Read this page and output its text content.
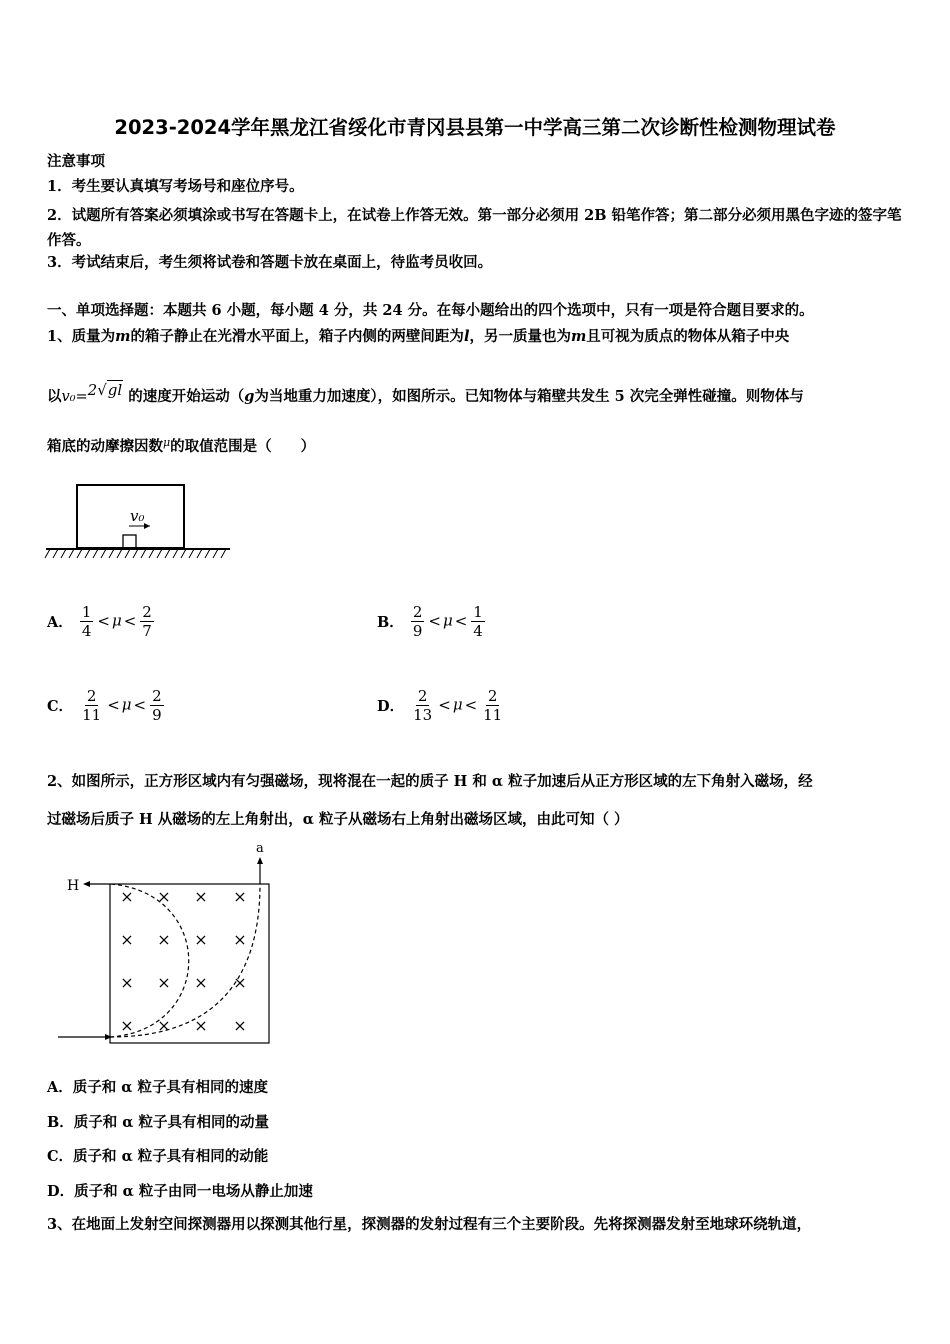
2023-2024学年黑龙江省绥化市青冈县县第一中学高三第二次诊断性检测物理试卷
注意事项
1．考生要认真填写考场号和座位序号。
2．试题所有答案必须填涂或书写在答题卡上，在试卷上作答无效。第一部分必须用 2B 铅笔作答；第二部分必须用黑色字迹的签字笔作答。
3．考试结束后，考生须将试卷和答题卡放在桌面上，待监考员收回。
一、单项选择题：本题共 6 小题，每小题 4 分，共 24 分。在每小题给出的四个选项中，只有一项是符合题目要求的。
1、质量为m的箱子静止在光滑水平面上，箱子内侧的两壁间距为l，另一质量也为m且可视为质点的物体从箱子中央
以v₀=2√gl 的速度开始运动（g为当地重力加速度），如图所示。已知物体与箱壁共发生 5 次完全弹性碰撞。则物体与
箱底的动摩擦因数$^\mu$的取值范围是（　　）
v₀
A． $\frac{1}{4} < \mu < \frac{2}{7}$	B． $\frac{2}{9} < \mu < \frac{1}{4}$
C． $\frac{2}{11} < \mu < \frac{2}{9}$	D． $\frac{2}{13} < \mu < \frac{2}{11}$
2、如图所示，正方形区域内有匀强磁场，现将混在一起的质子 H 和 α 粒子加速后从正方形区域的左下角射入磁场，经
过磁场后质子 H 从磁场的左上角射出，α 粒子从磁场右上角射出磁场区域，由此可知（ ）
× × × ×
× × × ×
× × × ×
× × × ×
H
a
A．质子和 α 粒子具有相同的速度
B．质子和 α 粒子具有相同的动量
C．质子和 α 粒子具有相同的动能
D．质子和 α 粒子由同一电场从静止加速
3、在地面上发射空间探测器用以探测其他行星，探测器的发射过程有三个主要阶段。先将探测器发射至地球环绕轨道，
